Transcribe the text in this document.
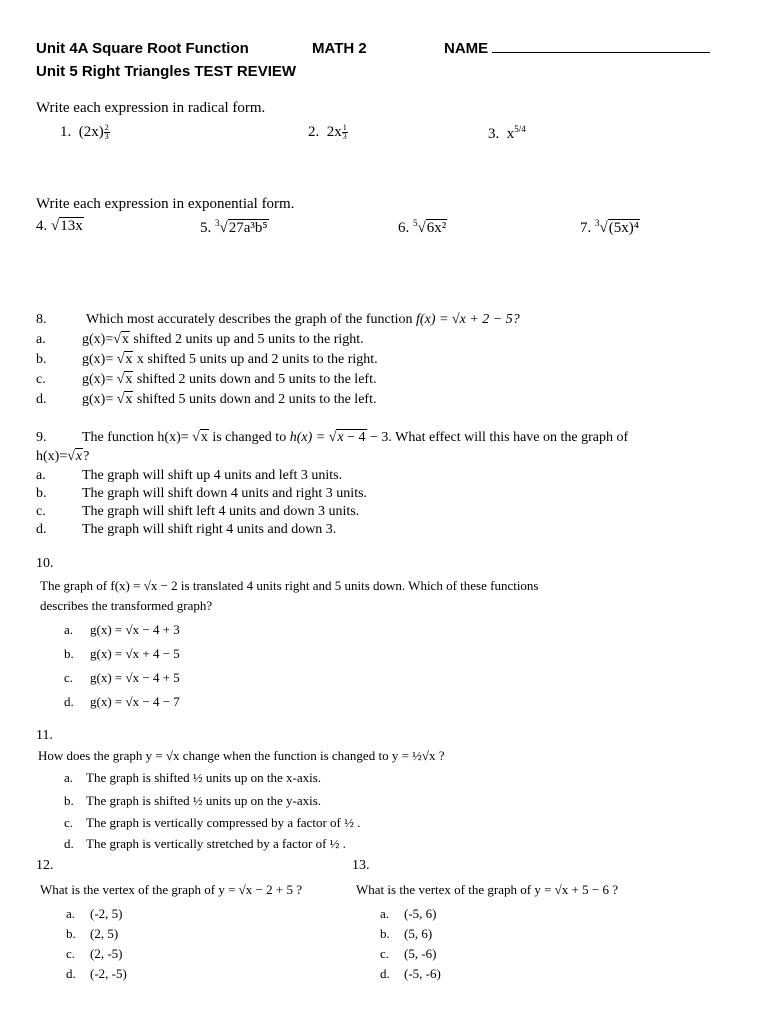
Unit 4A Square Root Function	MATH 2	NAME
Unit 5 Right Triangles TEST REVIEW
Write each expression in radical form.
1. $(2x) \frac{2}{3}$	2. $2x \frac{1}{3}$	3. $x^{5/4}$
Write each expression in exponential form.
4. √13x	5. $^3$√27a³b⁵	6. $^5$√6x²	7. $^3$√(5x)⁴
8.	Which most accurately describes the graph of the function f(x) = √x + 2 − 5?
a.	g(x)=√x shifted 2 units up and 5 units to the right.
b.	g(x)= √x x shifted 5 units up and 2 units to the right.
c.	g(x)= √x shifted 2 units down and 5 units to the left.
d.	g(x)= √x shifted 5 units down and 2 units to the left.
9.	The function h(x)= √x is changed to h(x) = √x − 4 − 3. What effect will this have on the graph of
h(x)=√x?
a.	The graph will shift up 4 units and left 3 units.
b.	The graph will shift down 4 units and right 3 units.
c.	The graph will shift left 4 units and down 3 units.
d.	The graph will shift right 4 units and down 3.
10.
The graph of f(x) = √x − 2 is translated 4 units right and 5 units down. Which of these functions
describes the transformed graph?
a. g(x) = √x − 4 + 3
b. g(x) = √x + 4 − 5
c. g(x) = √x − 4 + 5
d. g(x) = √x − 4 − 7
11.
How does the graph y = √x change when the function is changed to y = ½√x ?
a. The graph is shifted ½ units up on the x-axis.
b. The graph is shifted ½ units up on the y-axis.
c. The graph is vertically compressed by a factor of ½ .
d. The graph is vertically stretched by a factor of ½ .
12.
What is the vertex of the graph of y = √x − 2 + 5 ?
a. (-2, 5)
b. (2, 5)
c. (2, -5)
d. (-2, -5)
13.
What is the vertex of the graph of y = √x + 5 − 6 ?
a. (-5, 6)
b. (5, 6)
c. (5, -6)
d. (-5, -6)
